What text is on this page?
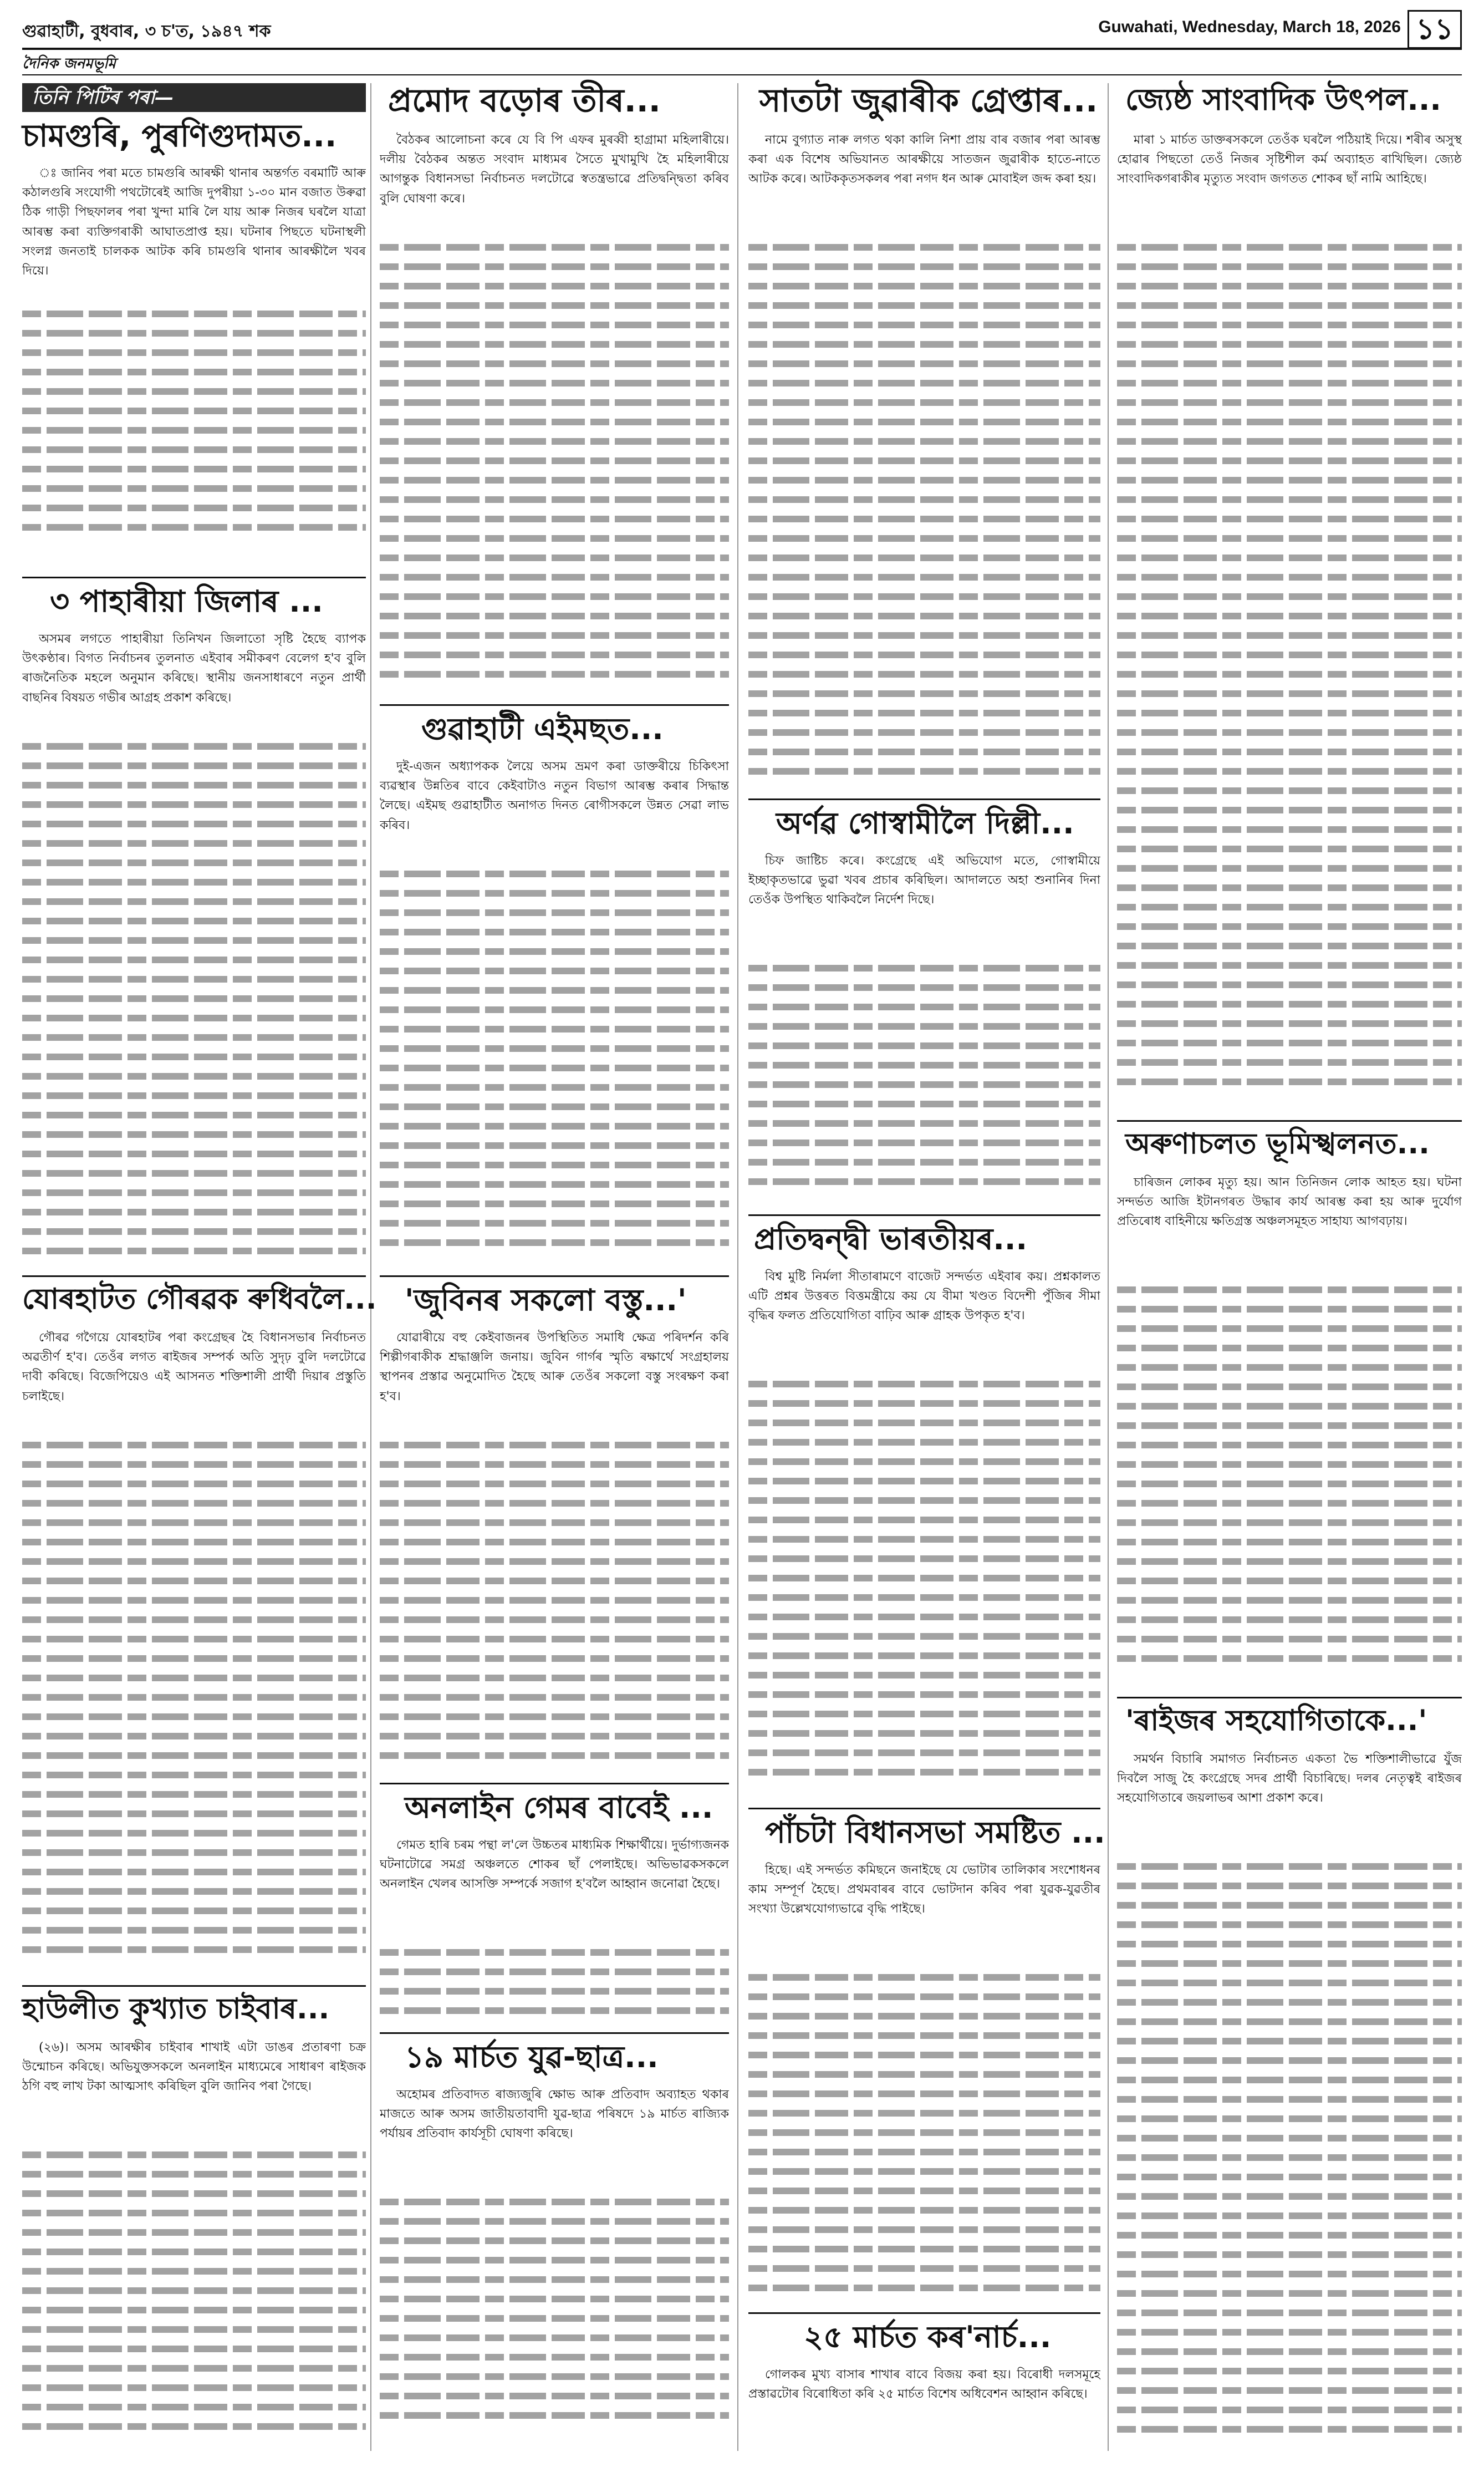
গুৱাহাটী, বুধবাৰ, ৩ চ'ত, ১৯৪৭ শক	Guwahati, Wednesday, March 18, 2026 ১১
দৈনিক জনমভূমি
তিনি পিটিৰ পৰা—
চামগুৰি, পুৰণিগুদামত...

ঃ জানিব পৰা মতে চামগুৰি আৰক্ষী থানাৰ অন্তৰ্গত বৰমাটি আৰু কঠালগুৰি সংযোগী পথটোৰেই আজি দুপৰীয়া ১-৩০ মান বজাত উৰুৱা ঠিক গাড়ী পিছফালৰ পৰা খুন্দা মাৰি লৈ যায় আৰু নিজৰ ঘৰলৈ যাত্ৰা আৰম্ভ কৰা ব্যক্তিগৰাকী আঘাতপ্ৰাপ্ত হয়। ঘটনাৰ পিছতে ঘটনাস্থলী সংলগ্ন জনতাই চালকক আটক কৰি চামগুৰি থানাৰ আৰক্ষীলৈ খবৰ দিয়ে।

৩ পাহাৰীয়া জিলাৰ ...

অসমৰ লগতে পাহাৰীয়া তিনিখন জিলাতো সৃষ্টি হৈছে ব্যাপক উৎকণ্ঠাৰ। বিগত নিৰ্বাচনৰ তুলনাত এইবাৰ সমীকৰণ বেলেগ হ'ব বুলি ৰাজনৈতিক মহলে অনুমান কৰিছে। স্থানীয় জনসাধাৰণে নতুন প্ৰাৰ্থী বাছনিৰ বিষয়ত গভীৰ আগ্ৰহ প্ৰকাশ কৰিছে।

যোৰহাটত গৌৰৱক ৰুধিবলৈ...

গৌৰৱ গগৈয়ে যোৰহাটৰ পৰা কংগ্ৰেছৰ হৈ বিধানসভাৰ নিৰ্বাচনত অৱতীৰ্ণ হ'ব। তেওঁৰ লগত ৰাইজৰ সম্পৰ্ক অতি সুদৃঢ় বুলি দলটোৱে দাবী কৰিছে। বিজেপিয়েও এই আসনত শক্তিশালী প্ৰাৰ্থী দিয়াৰ প্ৰস্তুতি চলাইছে।

হাউলীত কুখ্যাত চাইবাৰ...

(২৬)। অসম আৰক্ষীৰ চাইবাৰ শাখাই এটা ডাঙৰ প্ৰতাৰণা চক্ৰ উন্মোচন কৰিছে। অভিযুক্তসকলে অনলাইন মাধ্যমেৰে সাধাৰণ ৰাইজক ঠগি বহু লাখ টকা আত্মসাৎ কৰিছিল বুলি জানিব পৰা গৈছে।

প্ৰমোদ বড়োৰ তীৰ...

বৈঠকৰ আলোচনা কৰে যে বি পি এফৰ মুৰব্বী হাগ্ৰামা মহিলাৰীয়ে। দলীয় বৈঠকৰ অন্তত সংবাদ মাধ্যমৰ সৈতে মুখামুখি হৈ মহিলাৰীয়ে আগন্তুক বিধানসভা নিৰ্বাচনত দলটোৱে স্বতন্ত্ৰভাৱে প্ৰতিদ্বন্দ্বিতা কৰিব বুলি ঘোষণা কৰে।

গুৱাহাটী এইমছত...

দুই-এজন অধ্যাপকক লৈয়ে অসম ভ্ৰমণ কৰা ডাক্তৰীয়ে চিকিৎসা ব্যৱস্থাৰ উন্নতিৰ বাবে কেইবাটাও নতুন বিভাগ আৰম্ভ কৰাৰ সিদ্ধান্ত লৈছে। এইমছ গুৱাহাটীত অনাগত দিনত ৰোগীসকলে উন্নত সেৱা লাভ কৰিব।

'জুবিনৰ সকলো বস্তু...'

যোৱাৰীয়ে বহু কেইবাজনৰ উপস্থিতিত সমাধি ক্ষেত্ৰ পৰিদৰ্শন কৰি শিল্পীগৰাকীক শ্ৰদ্ধাঞ্জলি জনায়। জুবিন গাৰ্গৰ স্মৃতি ৰক্ষাৰ্থে সংগ্ৰহালয় স্থাপনৰ প্ৰস্তাৱ অনুমোদিত হৈছে আৰু তেওঁৰ সকলো বস্তু সংৰক্ষণ কৰা হ'ব।

অনলাইন গেমৰ বাবেই ...

গেমত হাৰি চৰম পন্থা ল'লে উচ্চতৰ মাধ্যমিক শিক্ষাৰ্থীয়ে। দুৰ্ভাগ্যজনক ঘটনাটোৱে সমগ্ৰ অঞ্চলতে শোকৰ ছাঁ পেলাইছে। অভিভাৱকসকলে অনলাইন খেলৰ আসক্তি সম্পৰ্কে সজাগ হ'বলৈ আহ্বান জনোৱা হৈছে।

১৯ মাৰ্চত যুৱ-ছাত্ৰ...

অহোমৰ প্ৰতিবাদত ৰাজ্যজুৰি ক্ষোভ আৰু প্ৰতিবাদ অব্যাহত থকাৰ মাজতে আৰু অসম জাতীয়তাবাদী যুৱ-ছাত্ৰ পৰিষদে ১৯ মাৰ্চত ৰাজ্যিক পৰ্যায়ৰ প্ৰতিবাদ কাৰ্যসূচী ঘোষণা কৰিছে।

সাতটা জুৱাৰীক গ্ৰেপ্তাৰ...

নামে বুগ্যাত নাৰু লগত থকা কালি নিশা প্ৰায় বাৰ বজাৰ পৰা আৰম্ভ কৰা এক বিশেষ অভিযানত আৰক্ষীয়ে সাতজন জুৱাৰীক হাতে-নাতে আটক কৰে। আটককৃতসকলৰ পৰা নগদ ধন আৰু মোবাইল জব্দ কৰা হয়।

অৰ্ণৱ গোস্বামীলৈ দিল্লী...

চিফ জাষ্টিচ কৰে। কংগ্ৰেছে এই অভিযোগ মতে, গোস্বামীয়ে ইচ্ছাকৃতভাৱে ভুৱা খবৰ প্ৰচাৰ কৰিছিল। আদালতে অহা শুনানিৰ দিনা তেওঁক উপস্থিত থাকিবলৈ নিৰ্দেশ দিছে।

প্ৰতিদ্বন্দ্বী ভাৰতীয়ৰ...

বিশ্ব মুষ্টি নিৰ্মলা সীতাৰামণে বাজেট সন্দৰ্ভত এইবাৰ কয়। প্ৰশ্নকালত এটি প্ৰশ্নৰ উত্তৰত বিত্তমন্ত্ৰীয়ে কয় যে বীমা খণ্ডত বিদেশী পুঁজিৰ সীমা বৃদ্ধিৰ ফলত প্ৰতিযোগিতা বাঢ়িব আৰু গ্ৰাহক উপকৃত হ'ব।

পাঁচটা বিধানসভা সমষ্টিত ...

হিছে। এই সন্দৰ্ভত কমিছনে জনাইছে যে ভোটাৰ তালিকাৰ সংশোধনৰ কাম সম্পূৰ্ণ হৈছে। প্ৰথমবাৰৰ বাবে ভোটদান কৰিব পৰা যুৱক-যুৱতীৰ সংখ্যা উল্লেখযোগ্যভাৱে বৃদ্ধি পাইছে।

২৫ মাৰ্চত কৰ'নাৰ্চ...

গোলকৰ মুখ্য বাসাৰ শাখাৰ বাবে বিজয় কৰা হয়। বিৰোধী দলসমূহে প্ৰস্তাৱটোৰ বিৰোধিতা কৰি ২৫ মাৰ্চত বিশেষ অধিবেশন আহ্বান কৰিছে।

জ্যেষ্ঠ সাংবাদিক উৎপল...

মাৰা ১ মাৰ্চত ডাক্তৰসকলে তেওঁক ঘৰলৈ পঠিয়াই দিয়ে। শৰীৰ অসুস্থ হোৱাৰ পিছতো তেওঁ নিজৰ সৃষ্টিশীল কৰ্ম অব্যাহত ৰাখিছিল। জ্যেষ্ঠ সাংবাদিকগৰাকীৰ মৃত্যুত সংবাদ জগতত শোকৰ ছাঁ নামি আহিছে।

অৰুণাচলত ভূমিস্খলনত...

চাৰিজন লোকৰ মৃত্যু হয়। আন তিনিজন লোক আহত হয়। ঘটনা সন্দৰ্ভত আজি ইটানগৰত উদ্ধাৰ কাৰ্য আৰম্ভ কৰা হয় আৰু দুৰ্যোগ প্ৰতিৰোধ বাহিনীয়ে ক্ষতিগ্ৰস্ত অঞ্চলসমূহত সাহায্য আগবঢ়ায়।

'ৰাইজৰ সহযোগিতাকে...'

সমৰ্থন বিচাৰি সমাগত নিৰ্বাচনত একতা ভৈ শক্তিশালীভাৱে যুঁজ দিবলৈ সাজু হৈ কংগ্ৰেছে সদৰ প্ৰাৰ্থী বিচাৰিছে। দলৰ নেতৃত্বই ৰাইজৰ সহযোগিতাৰে জয়লাভৰ আশা প্ৰকাশ কৰে।
